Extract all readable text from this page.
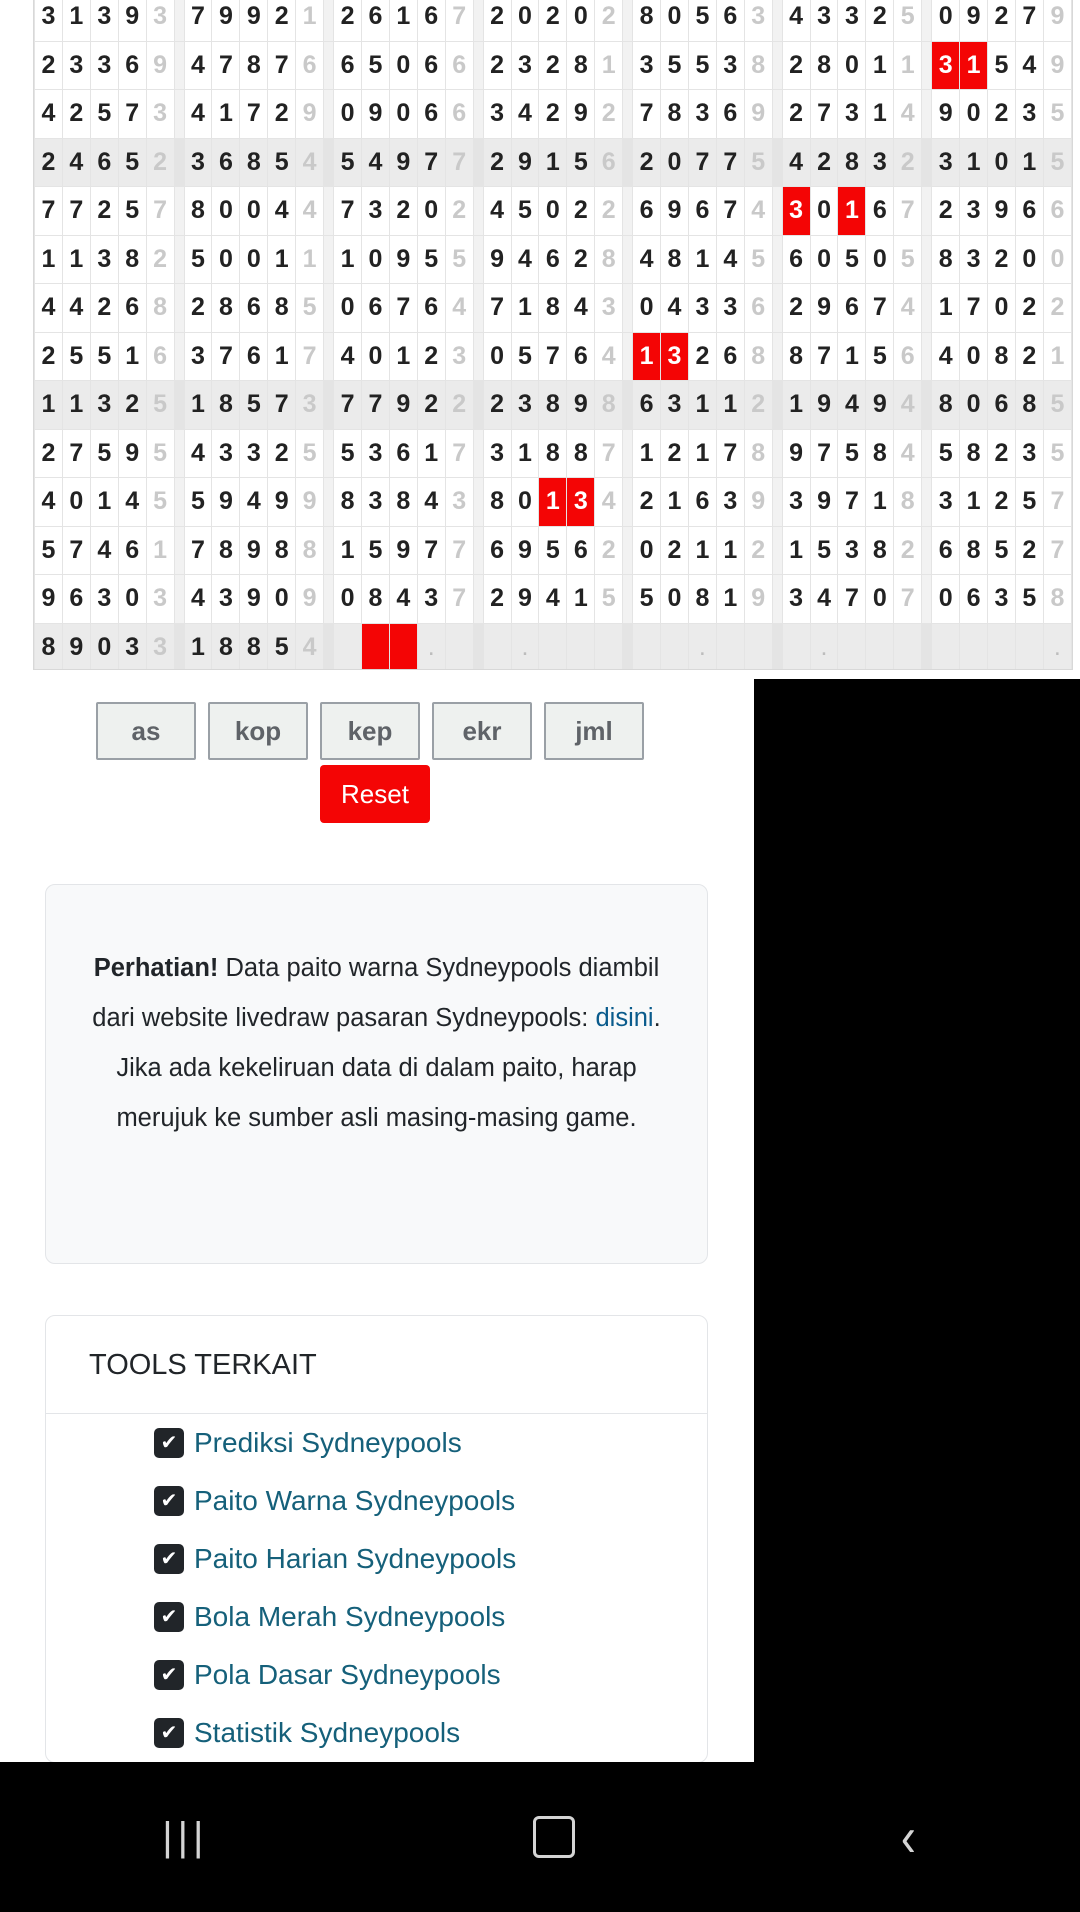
3	1	3	9	3		7	9	9	2	1		2	6	1	6	7		2	0	2	0	2		8	0	5	6	3		4	3	3	2	5		0	9	2	7	9
2	3	3	6	9		4	7	8	7	6		6	5	0	6	6		2	3	2	8	1		3	5	5	3	8		2	8	0	1	1		3	1	5	4	9
4	2	5	7	3		4	1	7	2	9		0	9	0	6	6		3	4	2	9	2		7	8	3	6	9		2	7	3	1	4		9	0	2	3	5
2	4	6	5	2		3	6	8	5	4		5	4	9	7	7		2	9	1	5	6		2	0	7	7	5		4	2	8	3	2		3	1	0	1	5
7	7	2	5	7		8	0	0	4	4		7	3	2	0	2		4	5	0	2	2		6	9	6	7	4		3	0	1	6	7		2	3	9	6	6
1	1	3	8	2		5	0	0	1	1		1	0	9	5	5		9	4	6	2	8		4	8	1	4	5		6	0	5	0	5		8	3	2	0	0
4	4	2	6	8		2	8	6	8	5		0	6	7	6	4		7	1	8	4	3		0	4	3	3	6		2	9	6	7	4		1	7	0	2	2
2	5	5	1	6		3	7	6	1	7		4	0	1	2	3		0	5	7	6	4		1	3	2	6	8		8	7	1	5	6		4	0	8	2	1
1	1	3	2	5		1	8	5	7	3		7	7	9	2	2		2	3	8	9	8		6	3	1	1	2		1	9	4	9	4		8	0	6	8	5
2	7	5	9	5		4	3	3	2	5		5	3	6	1	7		3	1	8	8	7		1	2	1	7	8		9	7	5	8	4		5	8	2	3	5
4	0	1	4	5		5	9	4	9	9		8	3	8	4	3		8	0	1	3	4		2	1	6	3	9		3	9	7	1	8		3	1	2	5	7
5	7	4	6	1		7	8	9	8	8		1	5	9	7	7		6	9	5	6	2		0	2	1	1	2		1	5	3	8	2		6	8	5	2	7
9	6	3	0	3		4	3	9	0	9		0	8	4	3	7		2	9	4	1	5		5	0	8	1	9		3	4	7	0	7		0	6	3	5	8
8	9	0	3	3		1	8	8	5	4					.				.							.					.									.
as	kop	kep	ekr	jml
Reset
Perhatian! Data paito warna Sydneypools diambil dari website livedraw pasaran Sydneypools: disini. Jika ada kekeliruan data di dalam paito, harap merujuk ke sumber asli masing-masing game.
TOOLS TERKAIT
✔ Prediksi Sydneypools
✔ Paito Warna Sydneypools
✔ Paito Harian Sydneypools
✔ Bola Merah Sydneypools
✔ Pola Dasar Sydneypools
✔ Statistik Sydneypools
|||	‹
